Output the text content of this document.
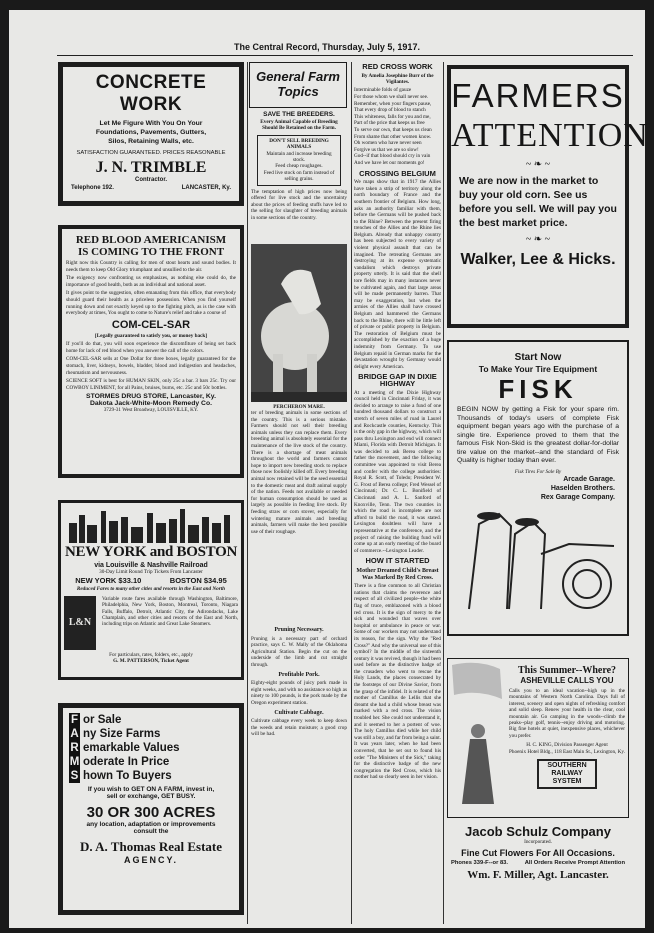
The Central Record, Thursday, July 5, 1917.
CONCRETE WORK
Let Me Figure With You On Your
Foundations, Pavements, Gutters,
Silos, Retaining Walls, etc.
SATISFACTION GUARANTEED. PRICES REASONABLE
J. N. TRIMBLE
Contractor.
Telephone 192.	LANCASTER, Ky.
General Farm Topics
SAVE THE BREEDERS.
Every Animal Capable of Breeding Should Be Retained on the Farm.
DON'T SELL BREEDING ANIMALS
Maintain and increase breeding stock.
Feed cheap roughages.
Feed live stock on farm instead of selling grains.

The temptation of high prices now being offered for live stock and the uncertainty about the prices of feeding stuffs have led to the selling for slaughter of breeding animals in some sections of the country.

PERCHERON MARE.

ter of breeding animals in some sections of the country. This is a serious mistake. Farmers should not sell their breeding animals unless they can replace them. Every breeding animal is absolutely essential for the maintenance of the live stock of the country. There is a shortage of meat animals throughout the world and farmers cannot hope to import new breeding stock to replace those now foolishly killed off. Every breeding animal now retained will be the seed essential to the domestic meat and draft animal supply of the nation. Feeds not available or needed for human consumption should be used as largely as possible in feeding live stock. By feeding straw or corn stover, especially for wintering mature animals and breeding animals, farmers will make the best possible use of their roughage.

Pruning Necessary.

Pruning is a necessary part of orchard practice, says C. W. Mally of the Oklahoma Agricultural Station. Begin the cut on the underside of the limb and cut straight through.

Profitable Pork.

Eighty-eight pounds of juicy pork made in eight weeks, and with no assistance so high as ninety to 100 pounds, is the pork made by the Oregon experiment station.

Cultivate Cabbage.

Cultivate cabbage every week to keep down the weeds and retain moisture; a good crop will be had.

RED BLOOD AMERICANISM
IS COMING TO THE FRONT
Right now this Country is calling for men of stout hearts and sound bodies. It needs them to keep Old Glory triumphant and unsullied to the air.
The exigency now confronting us emphasizes, as nothing else could do, the importance of good health, both as an individual and national asset.
It gives point to the suggestion, often emanating from this office, that everybody should guard their health as a priceless possession. When you find yourself running down and not exactly keyed up to the fighting pitch, as is the case with everybody at times, You ought to come to Nature's relief and take a course of
COM-CEL-SAR
[Legally guaranteed to satisfy you, or money back]
If you'll do that, you will soon experience the discomfiture of being set back home for lack of red blood when you answer the call of the colors.
COM-CEL-SAR sells at One Dollar for three boxes, legally guaranteed for the stomach, liver, kidneys, bowels, bladder, blood and indigestion and headaches, rheumatism and nervousness.
SCIENCE SOFT is best for HUMAN SKIN, only 25c a bar. 3 bars 25c. Try our COWBOY LINIMENT, for all Pains, bruises, burns, etc. 25c and 50c bottles.
STORMES DRUG STORE, Lancaster, Ky.
Dakota Jack-White-Moon Remedy Co.
3729-31 West Broadway, LOUISVILLE, KY.
NEW YORK and BOSTON
via Louisville & Nashville Railroad
30-Day Limit Round Trip Tickets From Lancaster
NEW YORK $33.10	BOSTON $34.95
Reduced Fares to many other cities and resorts in the East and North
L&N
Variable route fares available through Washington, Baltimore, Philadelphia, New York, Boston, Montreal, Toronto, Niagara Falls, Buffalo, Detroit, Atlantic City, the Adirondacks, Lake Champlain, and other cities and resorts of the East and North, including trips on Atlantic and Great Lake Steamers.
For particulars, rates, folders, etc., apply
G. M. PATTERSON, Ticket Agent
F or Sale
A ny Size Farms
R emarkable Values
M oderate In Price
S hown To Buyers
If you wish to GET ON A FARM, invest in,
sell or exchange, GET BUSY.
30 OR 300 ACRES
any location, adaptation or improvements
consult the
D. A. Thomas Real Estate
AGENCY.
RED CROSS WORK
By Amelia Josephine Burr of the Vigilantes.
Interminable folds of gauze
For those whom we shall never see.
Remember, when your fingers pause,
That every drop of blood to stanch
This whiteness, falls for you and me,
Part of the price that keeps us free
To serve our own, that keeps us clean
From shame that other women know.
Oh women who have never seen
Forgive us that we are so slow!
God--if that blood should cry in vain
And we have let our moments go!
CROSSING BELGIUM

We maps show that in 1917 the Allies have taken a strip of territory along the north boundary of France and the southern frontier of Belgium. How long, asks an authority familiar with them, before the Germans will be pushed back to the Rhine? Between the present firing trenches of the Allies and the Rhine lies Belgium. Already that unhappy country has been subjected to every variety of violent physical assault that can be imagined. The retreating Germans are destroying at its expense systematic vandalism which destroys private property utterly. It is said that the shell tore fields may in many instances never be cultivated again, and that large areas will be made permanently barren. That may be exaggeration, but when the armies of the Allies shall have crossed Belgium and hammered the Germans back to the Rhine, there will be little left of private or public property in Belgium. The restoration of Belgium must be accomplished by the exaction of a huge indemnity from Germany. To use Belgium repaid in German marks for the devastation wrought by Germany would delight every American.

BRIDGE GAP IN DIXIE HIGHWAY

At a meeting of the Dixie Highway council held in Cincinnati Friday, it was decided to arrange to raise a fund of one hundred thousand dollars to construct a stretch of seven miles of road in Laurel and Rockcastle counties, Kentucky. This is the only gap in the highway, which will pass thru Lexington and end will connect Miami, Florida with Detroit Michigan. It was decided to ask Berea college to father the movement, and the following committee was appointed to visit Berea and confer with the college authorities: Royal R. Scott, of Toledo; President W. G. Frost of Berea college; Fred Wessel of Cincinnati; Dr. C. L. Bonifield of Cincinnati and A. L. Sanford of Knoxville, Tenn. The two counties in which the road is incomplete are not afford to build the road, it was stated. Lexington doubtless will have a representative at the conference, and the project of raising the building fund will come up at an early meeting of the board of commerce.--Lexington Leader.

HOW IT STARTED
Mother Dreamed Child's Breast Was Marked By Red Cross.

There is a fine common to all Christian nations that claims the reverence and respect of all civilized people--the white flag of truce, emblazoned with a blood red cross. It is the sign of mercy to the sick and wounded that waves over hospital or ambulance in peace or war. Some of our workers may not understand its reason, for the sign. Why the "Red Cross?" And why the universal use of this symbol? In the middle of the sixteenth century it was revived, though it had been used before as the distinctive badge of the crusaders who went to rescue the Holy Lands, the places consecrated by the footsteps of our Divine Savior, from the grasp of the infidel. It is related of the mother of Camillus de Lellis that she dreamt she had a child whose breast was marked with a red cross. The vision troubled her. She could not understand it, and it seemed to her a portent of woe. The holy Camillus died while her child was still a boy, and far from being a saint. It was years later, when he had been converted, that he set out to found his order "The Ministers of the Sick," taking for the distinctive badge of the new congregation the Red Cross, which his mother had so clearly seen in her vision.

FARMERS
ATTENTION
~ ❧ ~
We are now in the market to buy your old corn. See us before you sell. We will pay you the best market price.
~ ❧ ~
Walker, Lee & Hicks.
Start Now
To Make Your Tire Equipment
FISK
BEGIN NOW by getting a Fisk for your spare rim. Thousands of today's users of complete Fisk equipment began years ago with the purchase of a single tire. Experience proved to them that the famous Fisk Non-Skid is the greatest dollar-for-dollar tire value on the market--and the standard of Fisk Quality is higher today than ever.
Fisk Tires For Sale By
Arcade Garage.
Haselden Brothers.
Rex Garage Company.
This Summer--Where?
ASHEVILLE CALLS YOU
Calls you to an ideal vacation--high up in the mountains of Western North Carolina. Days full of interest, scenery and open nights of refreshing comfort and solid sleep. Renew your health in the clear, cool mountain air. Go camping in the woods--climb the peaks--play golf, tennis--enjoy driving and motoring. Big fine hotels at quiet, inexpensive places, whichever you prefer.
H. C. KING, Division Passenger Agent
Phoenix Hotel Bldg., 118 East Main St., Lexington, Ky.
SOUTHERN
RAILWAY
SYSTEM
Jacob Schulz Company
Incorporated.
Fine Cut Flowers For All Occasions.
Phones 339-F--or 83.	All Orders Receive Prompt Attention
Wm. F. Miller, Agt. Lancaster.
